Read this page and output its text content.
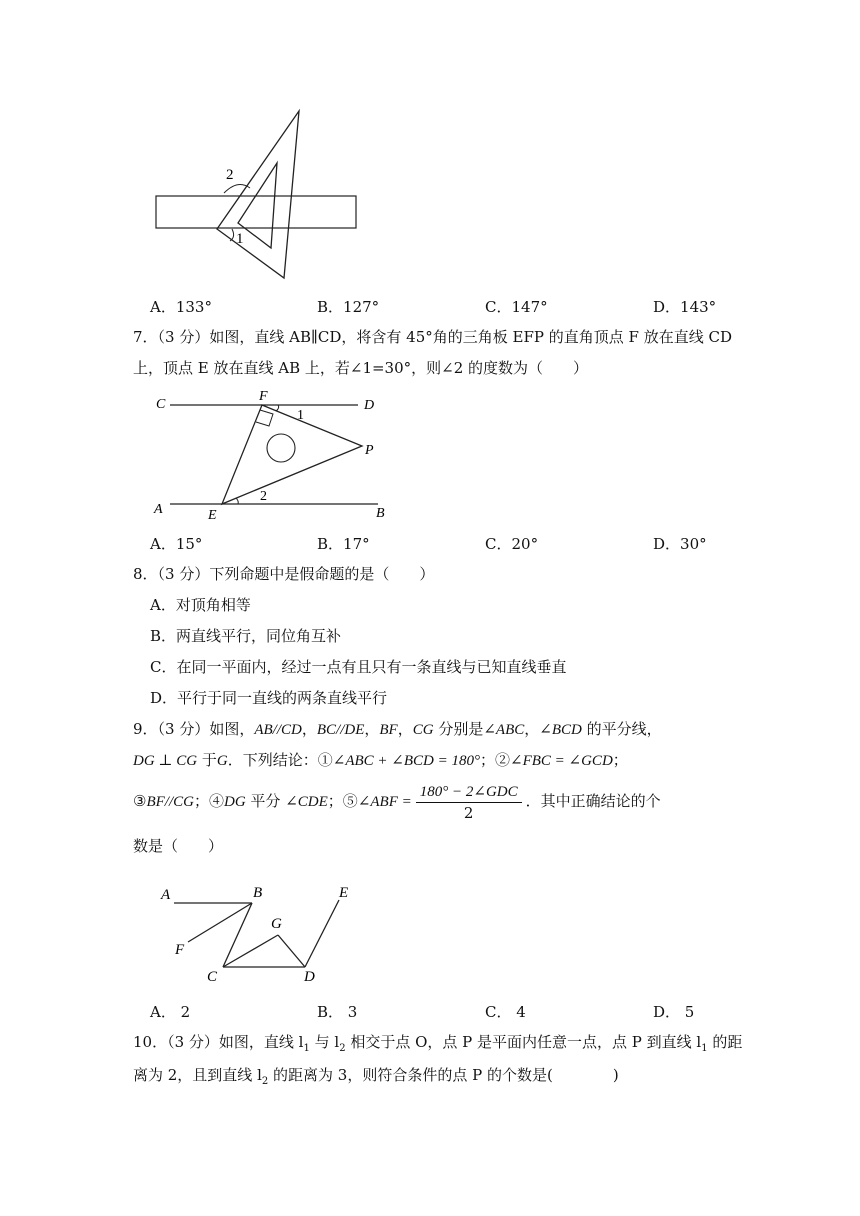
2
1
A．133°	B．127°	C．147°	D．143°
7．（3 分）如图，直线 AB∥CD，将含有 45°角的三角板 EFP 的直角顶点 F 放在直线 CD
上，顶点 E 放在直线 AB 上，若∠1=30°，则∠2 的度数为（　　）
C
F
D
1
P
A	E
2
B
A．15°	B．17°	C．20°	D．30°
8．（3 分）下列命题中是假命题的是（　　）
A．对顶角相等
B．两直线平行，同位角互补
C．在同一平面内，经过一点有且只有一条直线与已知直线垂直
D．平行于同一直线的两条直线平行
9．（3 分）如图，AB//CD，BC//DE，BF，CG 分别是∠ABC，∠BCD 的平分线，
DG ⊥ CG 于G．下列结论：①∠ABC + ∠BCD = 180°；②∠FBC = ∠GCD；
③BF//CG；④DG 平分 ∠CDE；⑤∠ABF = $\frac{\text{180° − 2∠GDC}}{2}$ ．其中正确结论的个
数是（　　）
A	B	E
G
F
C	D
A． 2	B． 3	C． 4	D． 5
10．（3 分）如图，直线 $l_1$ 与 $l_2$ 相交于点 O，点 P 是平面内任意一点，点 P 到直线 $l_1$ 的距
离为 2，且到直线 $l_2$ 的距离为 3，则符合条件的点 P 的个数是(　　　　)
